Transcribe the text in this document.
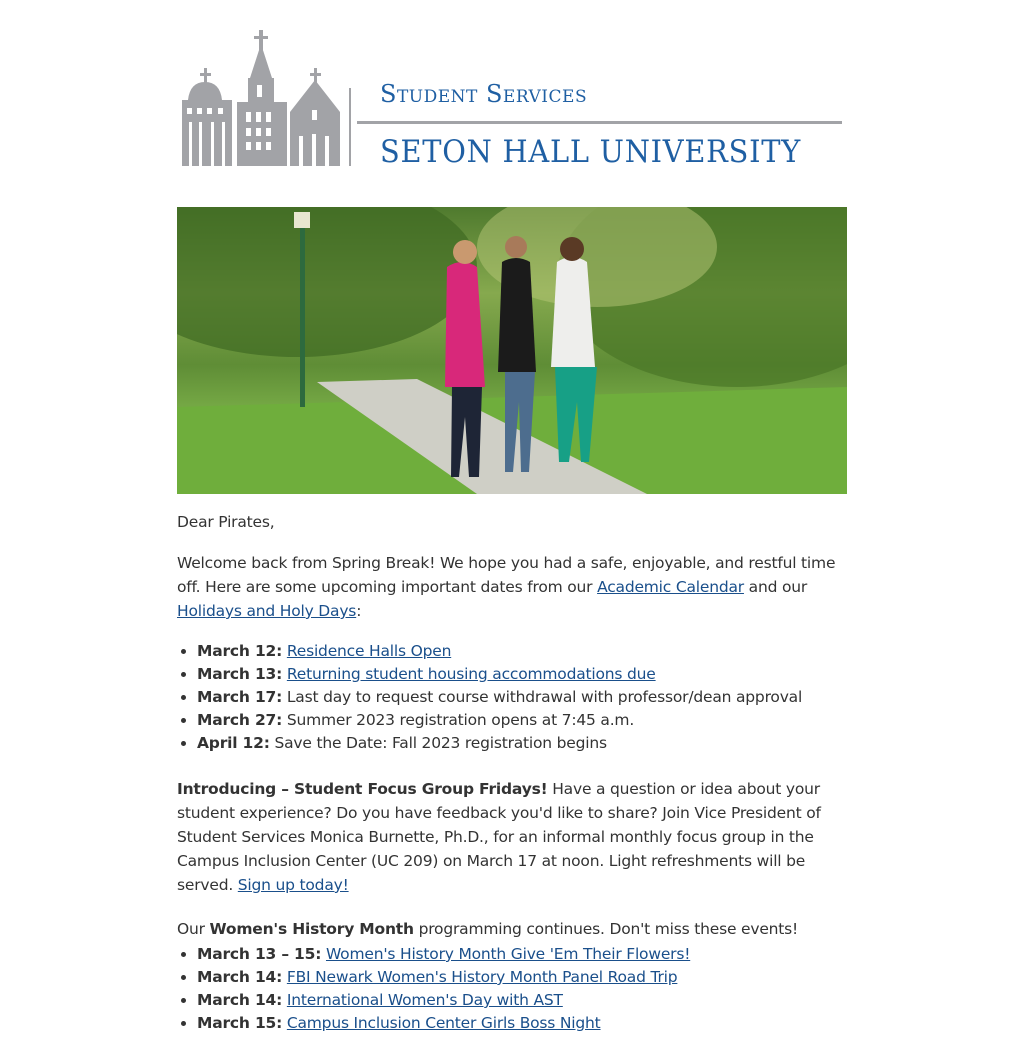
Student Services
SETON HALL UNIVERSITY

Dear Pirates,

Welcome back from Spring Break! We hope you had a safe, enjoyable, and restful time off. Here are some upcoming important dates from our Academic Calendar and our Holidays and Holy Days:

• March 12: Residence Halls Open
• March 13: Returning student housing accommodations due
• March 17: Last day to request course withdrawal with professor/dean approval
• March 27: Summer 2023 registration opens at 7:45 a.m.
• April 12: Save the Date: Fall 2023 registration begins

Introducing – Student Focus Group Fridays! Have a question or idea about your student experience? Do you have feedback you'd like to share? Join Vice President of Student Services Monica Burnette, Ph.D., for an informal monthly focus group in the Campus Inclusion Center (UC 209) on March 17 at noon. Light refreshments will be served. Sign up today!

Our Women's History Month programming continues. Don't miss these events!

• March 13 – 15: Women's History Month Give 'Em Their Flowers!
• March 14: FBI Newark Women's History Month Panel Road Trip
• March 14: International Women's Day with AST
• March 15: Campus Inclusion Center Girls Boss Night
